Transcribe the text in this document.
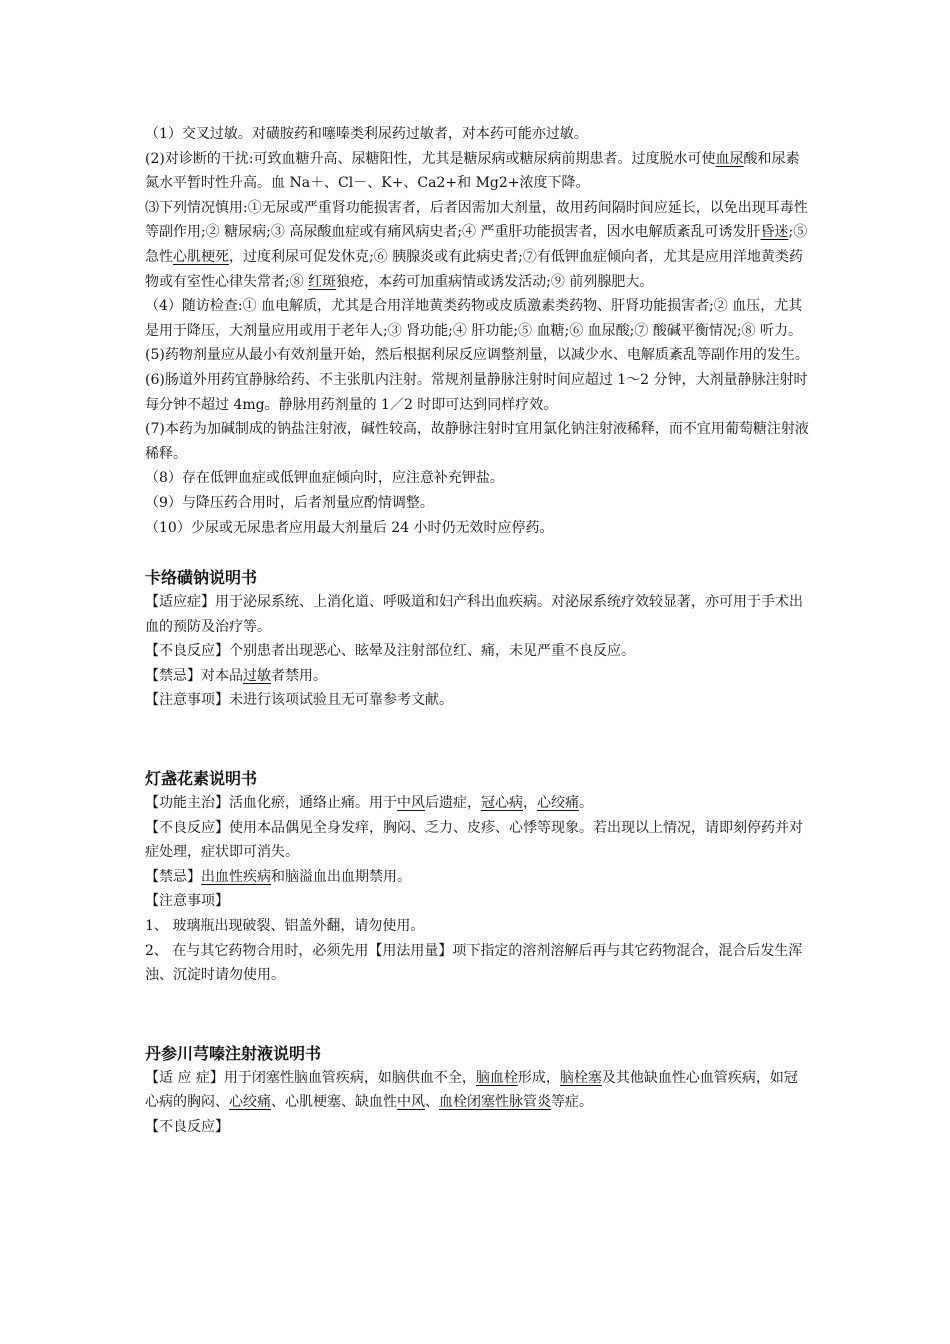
（1）交叉过敏。对磺胺药和噻嗪类利尿药过敏者，对本药可能亦过敏。

(2)对诊断的干扰:可致血糖升高、尿糖阳性，尤其是糖尿病或糖尿病前期患者。过度脱水可使血尿酸和尿素氮水平暂时性升高。血 Na＋、Cl－、K+、Ca2+和 Mg2+浓度下降。

⑶下列情况慎用:①无尿或严重肾功能损害者，后者因需加大剂量，故用药间隔时间应延长，以免出现耳毒性等副作用;② 糖尿病;③ 高尿酸血症或有痛风病史者;④ 严重肝功能损害者，因水电解质紊乱可诱发肝昏迷;⑤ 急性心肌梗死，过度利尿可促发休克;⑥ 胰腺炎或有此病史者;⑦有低钾血症倾向者，尤其是应用洋地黄类药物或有室性心律失常者;⑧ 红斑狼疮，本药可加重病情或诱发活动;⑨ 前列腺肥大。

（4）随访检查:① 血电解质，尤其是合用洋地黄类药物或皮质激素类药物、肝肾功能损害者;② 血压，尤其是用于降压，大剂量应用或用于老年人;③ 肾功能;④ 肝功能;⑤ 血糖;⑥ 血尿酸;⑦ 酸碱平衡情况;⑧ 听力。

(5)药物剂量应从最小有效剂量开始，然后根据利尿反应调整剂量，以减少水、电解质紊乱等副作用的发生。

(6)肠道外用药宜静脉给药、不主张肌内注射。常规剂量静脉注射时间应超过 1～2 分钟，大剂量静脉注射时每分钟不超过 4mg。静脉用药剂量的 1／2 时即可达到同样疗效。

(7)本药为加碱制成的钠盐注射液，碱性较高，故静脉注射时宜用氯化钠注射液稀释，而不宜用葡萄糖注射液稀释。

（8）存在低钾血症或低钾血症倾向时，应注意补充钾盐。

（9）与降压药合用时，后者剂量应酌情调整。

（10）少尿或无尿患者应用最大剂量后 24 小时仍无效时应停药。

卡络磺钠说明书

【适应症】用于泌尿系统、上消化道、呼吸道和妇产科出血疾病。对泌尿系统疗效较显著，亦可用于手术出血的预防及治疗等。

【不良反应】个别患者出现恶心、眩晕及注射部位红、痛，未见严重不良反应。

【禁忌】对本品过敏者禁用。

【注意事项】未进行该项试验且无可靠参考文献。

灯盏花素说明书

【功能主治】活血化瘀，通络止痛。用于中风后遗症，冠心病，心绞痛。

【不良反应】使用本品偶见全身发痒，胸闷、乏力、皮疹、心悸等现象。若出现以上情况，请即刻停药并对症处理，症状即可消失。

【禁忌】出血性疾病和脑溢血出血期禁用。

【注意事项】

1、 玻璃瓶出现破裂、铝盖外翻，请勿使用。

2、 在与其它药物合用时，必须先用【用法用量】项下指定的溶剂溶解后再与其它药物混合，混合后发生浑浊、沉淀时请勿使用。

丹参川芎嗪注射液说明书

【适 应 症】用于闭塞性脑血管疾病，如脑供血不全，脑血栓形成，脑栓塞及其他缺血性心血管疾病，如冠心病的胸闷、心绞痛、心肌梗塞、缺血性中风、血栓闭塞性脉管炎等症。

【不良反应】
